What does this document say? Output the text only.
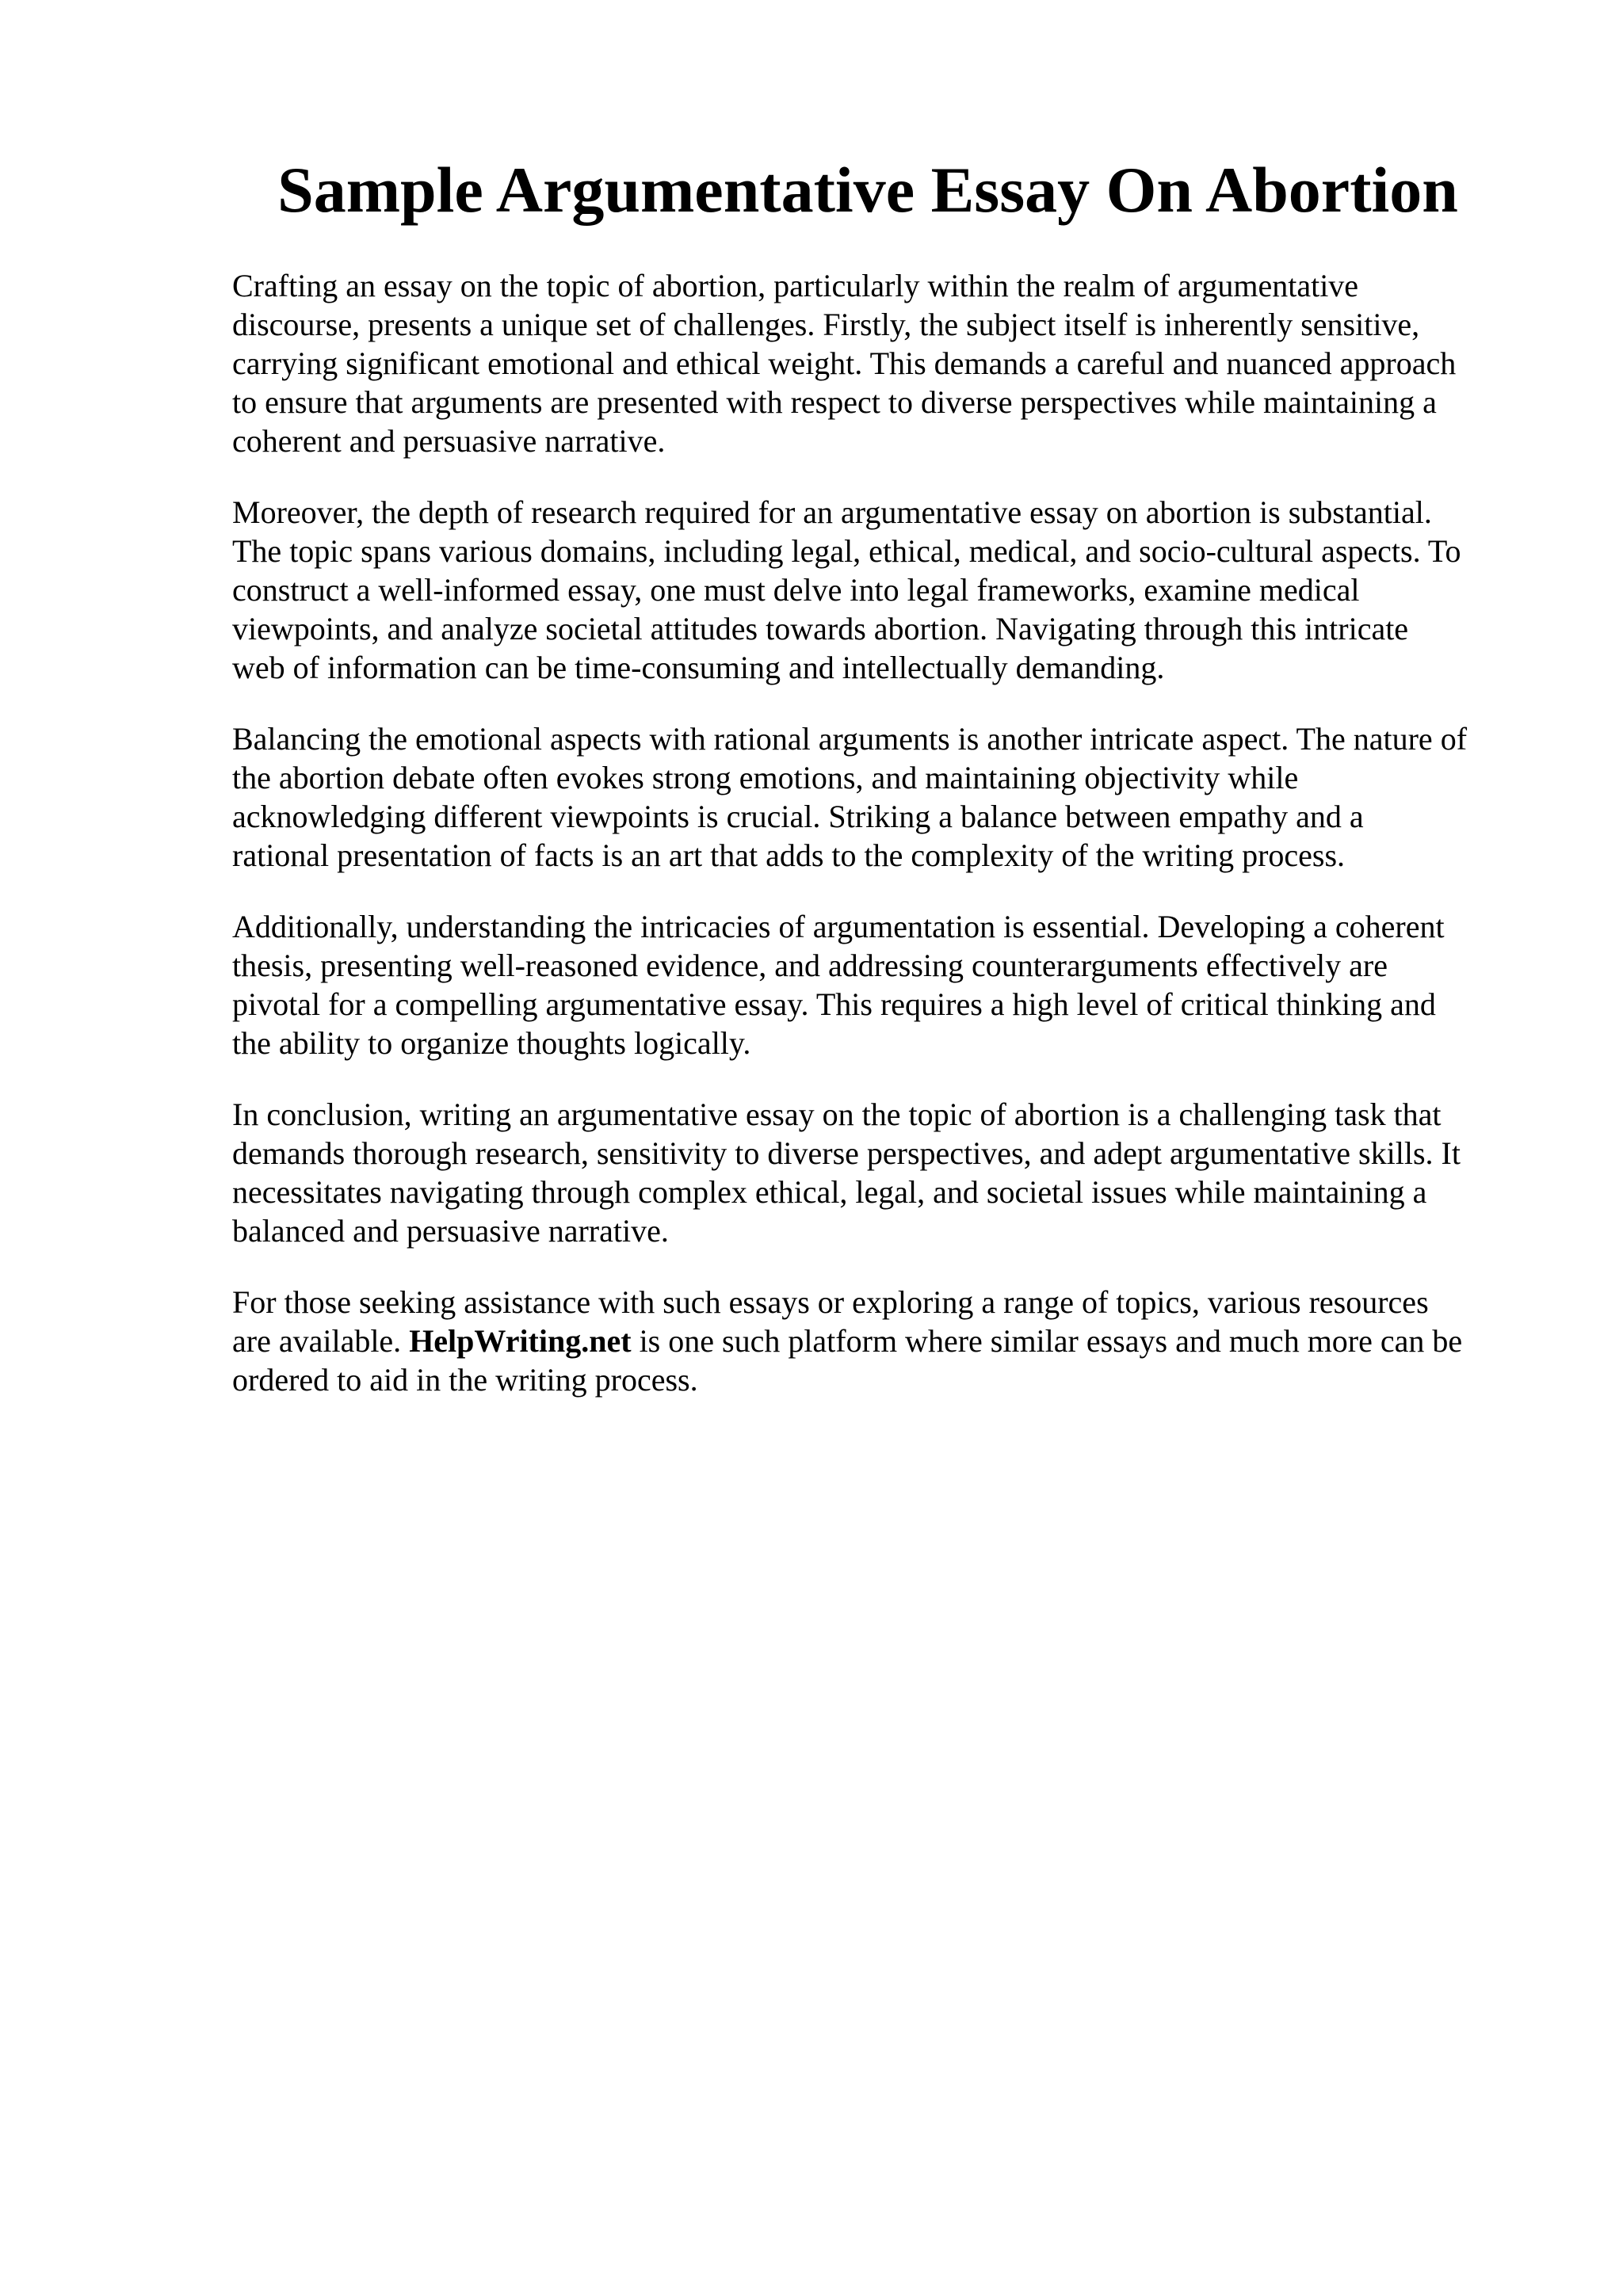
Sample Argumentative Essay On Abortion

Crafting an essay on the topic of abortion, particularly within the realm of argumentative
discourse, presents a unique set of challenges. Firstly, the subject itself is inherently sensitive,
carrying significant emotional and ethical weight. This demands a careful and nuanced approach
to ensure that arguments are presented with respect to diverse perspectives while maintaining a
coherent and persuasive narrative.

Moreover, the depth of research required for an argumentative essay on abortion is substantial.
The topic spans various domains, including legal, ethical, medical, and socio-cultural aspects. To
construct a well-informed essay, one must delve into legal frameworks, examine medical
viewpoints, and analyze societal attitudes towards abortion. Navigating through this intricate
web of information can be time-consuming and intellectually demanding.

Balancing the emotional aspects with rational arguments is another intricate aspect. The nature of
the abortion debate often evokes strong emotions, and maintaining objectivity while
acknowledging different viewpoints is crucial. Striking a balance between empathy and a
rational presentation of facts is an art that adds to the complexity of the writing process.

Additionally, understanding the intricacies of argumentation is essential. Developing a coherent
thesis, presenting well-reasoned evidence, and addressing counterarguments effectively are
pivotal for a compelling argumentative essay. This requires a high level of critical thinking and
the ability to organize thoughts logically.

In conclusion, writing an argumentative essay on the topic of abortion is a challenging task that
demands thorough research, sensitivity to diverse perspectives, and adept argumentative skills. It
necessitates navigating through complex ethical, legal, and societal issues while maintaining a
balanced and persuasive narrative.

For those seeking assistance with such essays or exploring a range of topics, various resources
are available. HelpWriting.net is one such platform where similar essays and much more can be
ordered to aid in the writing process.
